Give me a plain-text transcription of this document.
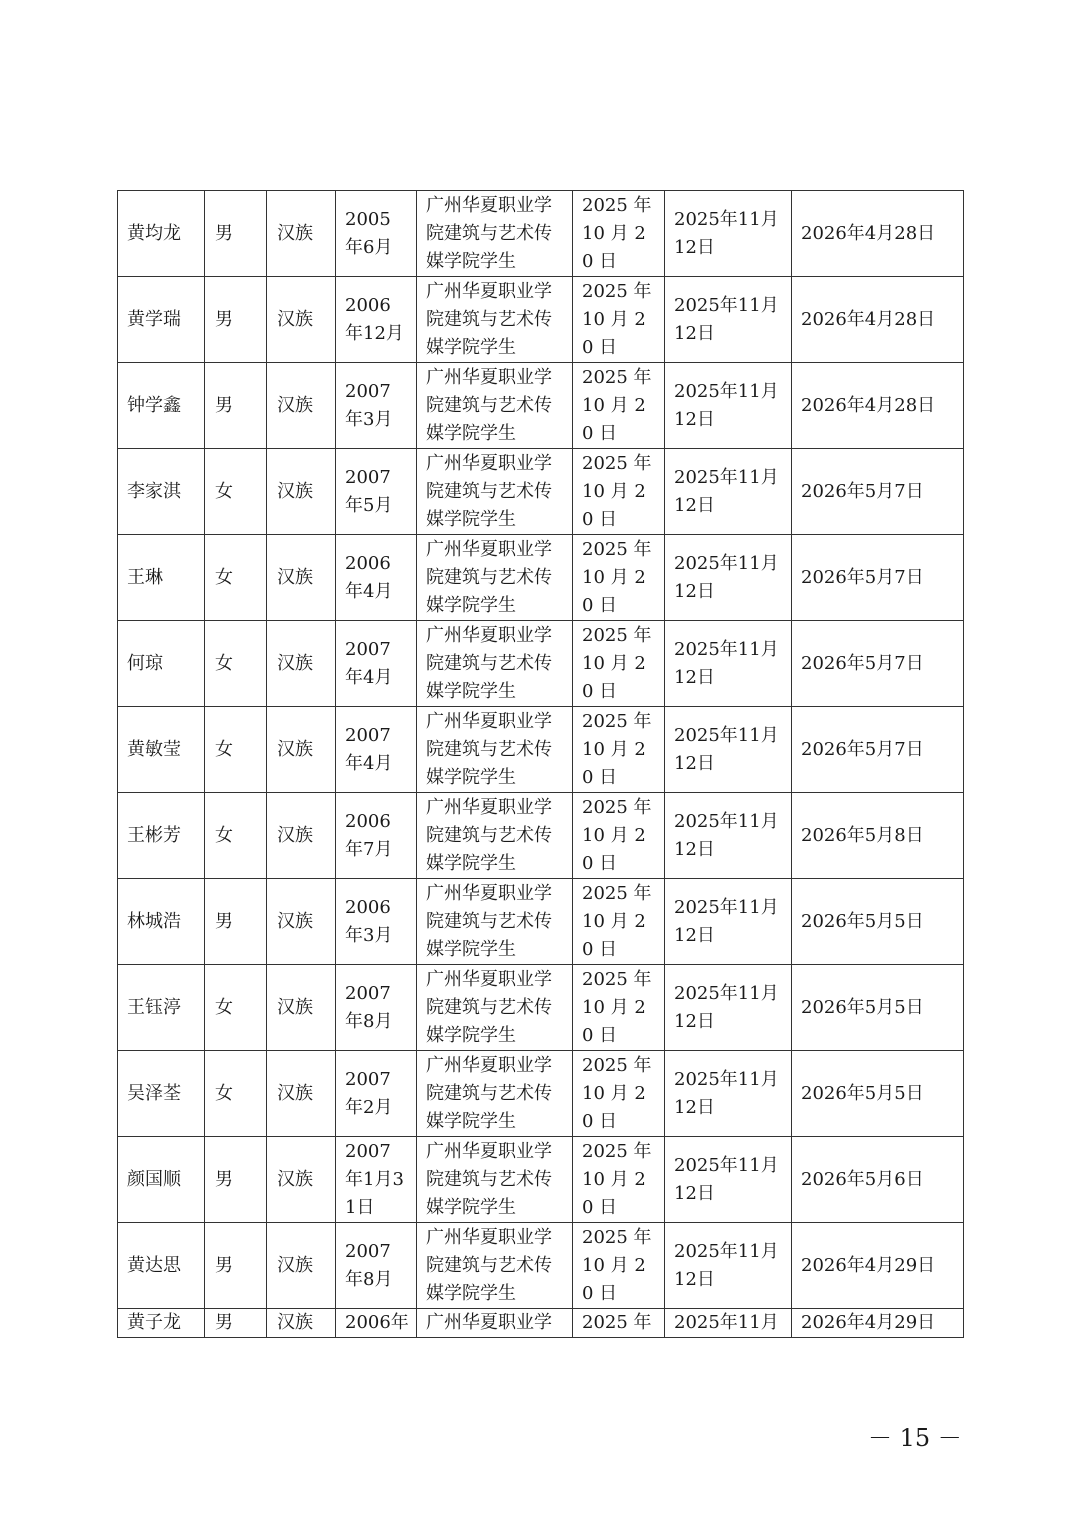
黄均龙	男	汉族	2005年6月	广州华夏职业学院建筑与艺术传媒学院学生	2025 年 10 月 20 日	2025年11月12日	2026年4月28日
黄学瑞	男	汉族	2006年12月	广州华夏职业学院建筑与艺术传媒学院学生	2025 年 10 月 20 日	2025年11月12日	2026年4月28日
钟学鑫	男	汉族	2007年3月	广州华夏职业学院建筑与艺术传媒学院学生	2025 年 10 月 20 日	2025年11月12日	2026年4月28日
李家淇	女	汉族	2007年5月	广州华夏职业学院建筑与艺术传媒学院学生	2025 年 10 月 20 日	2025年11月12日	2026年5月7日
王琳	女	汉族	2006年4月	广州华夏职业学院建筑与艺术传媒学院学生	2025 年 10 月 20 日	2025年11月12日	2026年5月7日
何琼	女	汉族	2007年4月	广州华夏职业学院建筑与艺术传媒学院学生	2025 年 10 月 20 日	2025年11月12日	2026年5月7日
黄敏莹	女	汉族	2007年4月	广州华夏职业学院建筑与艺术传媒学院学生	2025 年 10 月 20 日	2025年11月12日	2026年5月7日
王彬芳	女	汉族	2006年7月	广州华夏职业学院建筑与艺术传媒学院学生	2025 年 10 月 20 日	2025年11月12日	2026年5月8日
林城浩	男	汉族	2006年3月	广州华夏职业学院建筑与艺术传媒学院学生	2025 年 10 月 20 日	2025年11月12日	2026年5月5日
王钰渟	女	汉族	2007年8月	广州华夏职业学院建筑与艺术传媒学院学生	2025 年 10 月 20 日	2025年11月12日	2026年5月5日
吴泽荃	女	汉族	2007年2月	广州华夏职业学院建筑与艺术传媒学院学生	2025 年 10 月 20 日	2025年11月12日	2026年5月5日
颜国顺	男	汉族	2007年1月31日	广州华夏职业学院建筑与艺术传媒学院学生	2025 年 10 月 20 日	2025年11月12日	2026年5月6日
黄达思	男	汉族	2007年8月	广州华夏职业学院建筑与艺术传媒学院学生	2025 年 10 月 20 日	2025年11月12日	2026年4月29日
黄子龙	男	汉族	2006年	广州华夏职业学	2025 年	2025年11月	2026年4月29日
－ 15 －
